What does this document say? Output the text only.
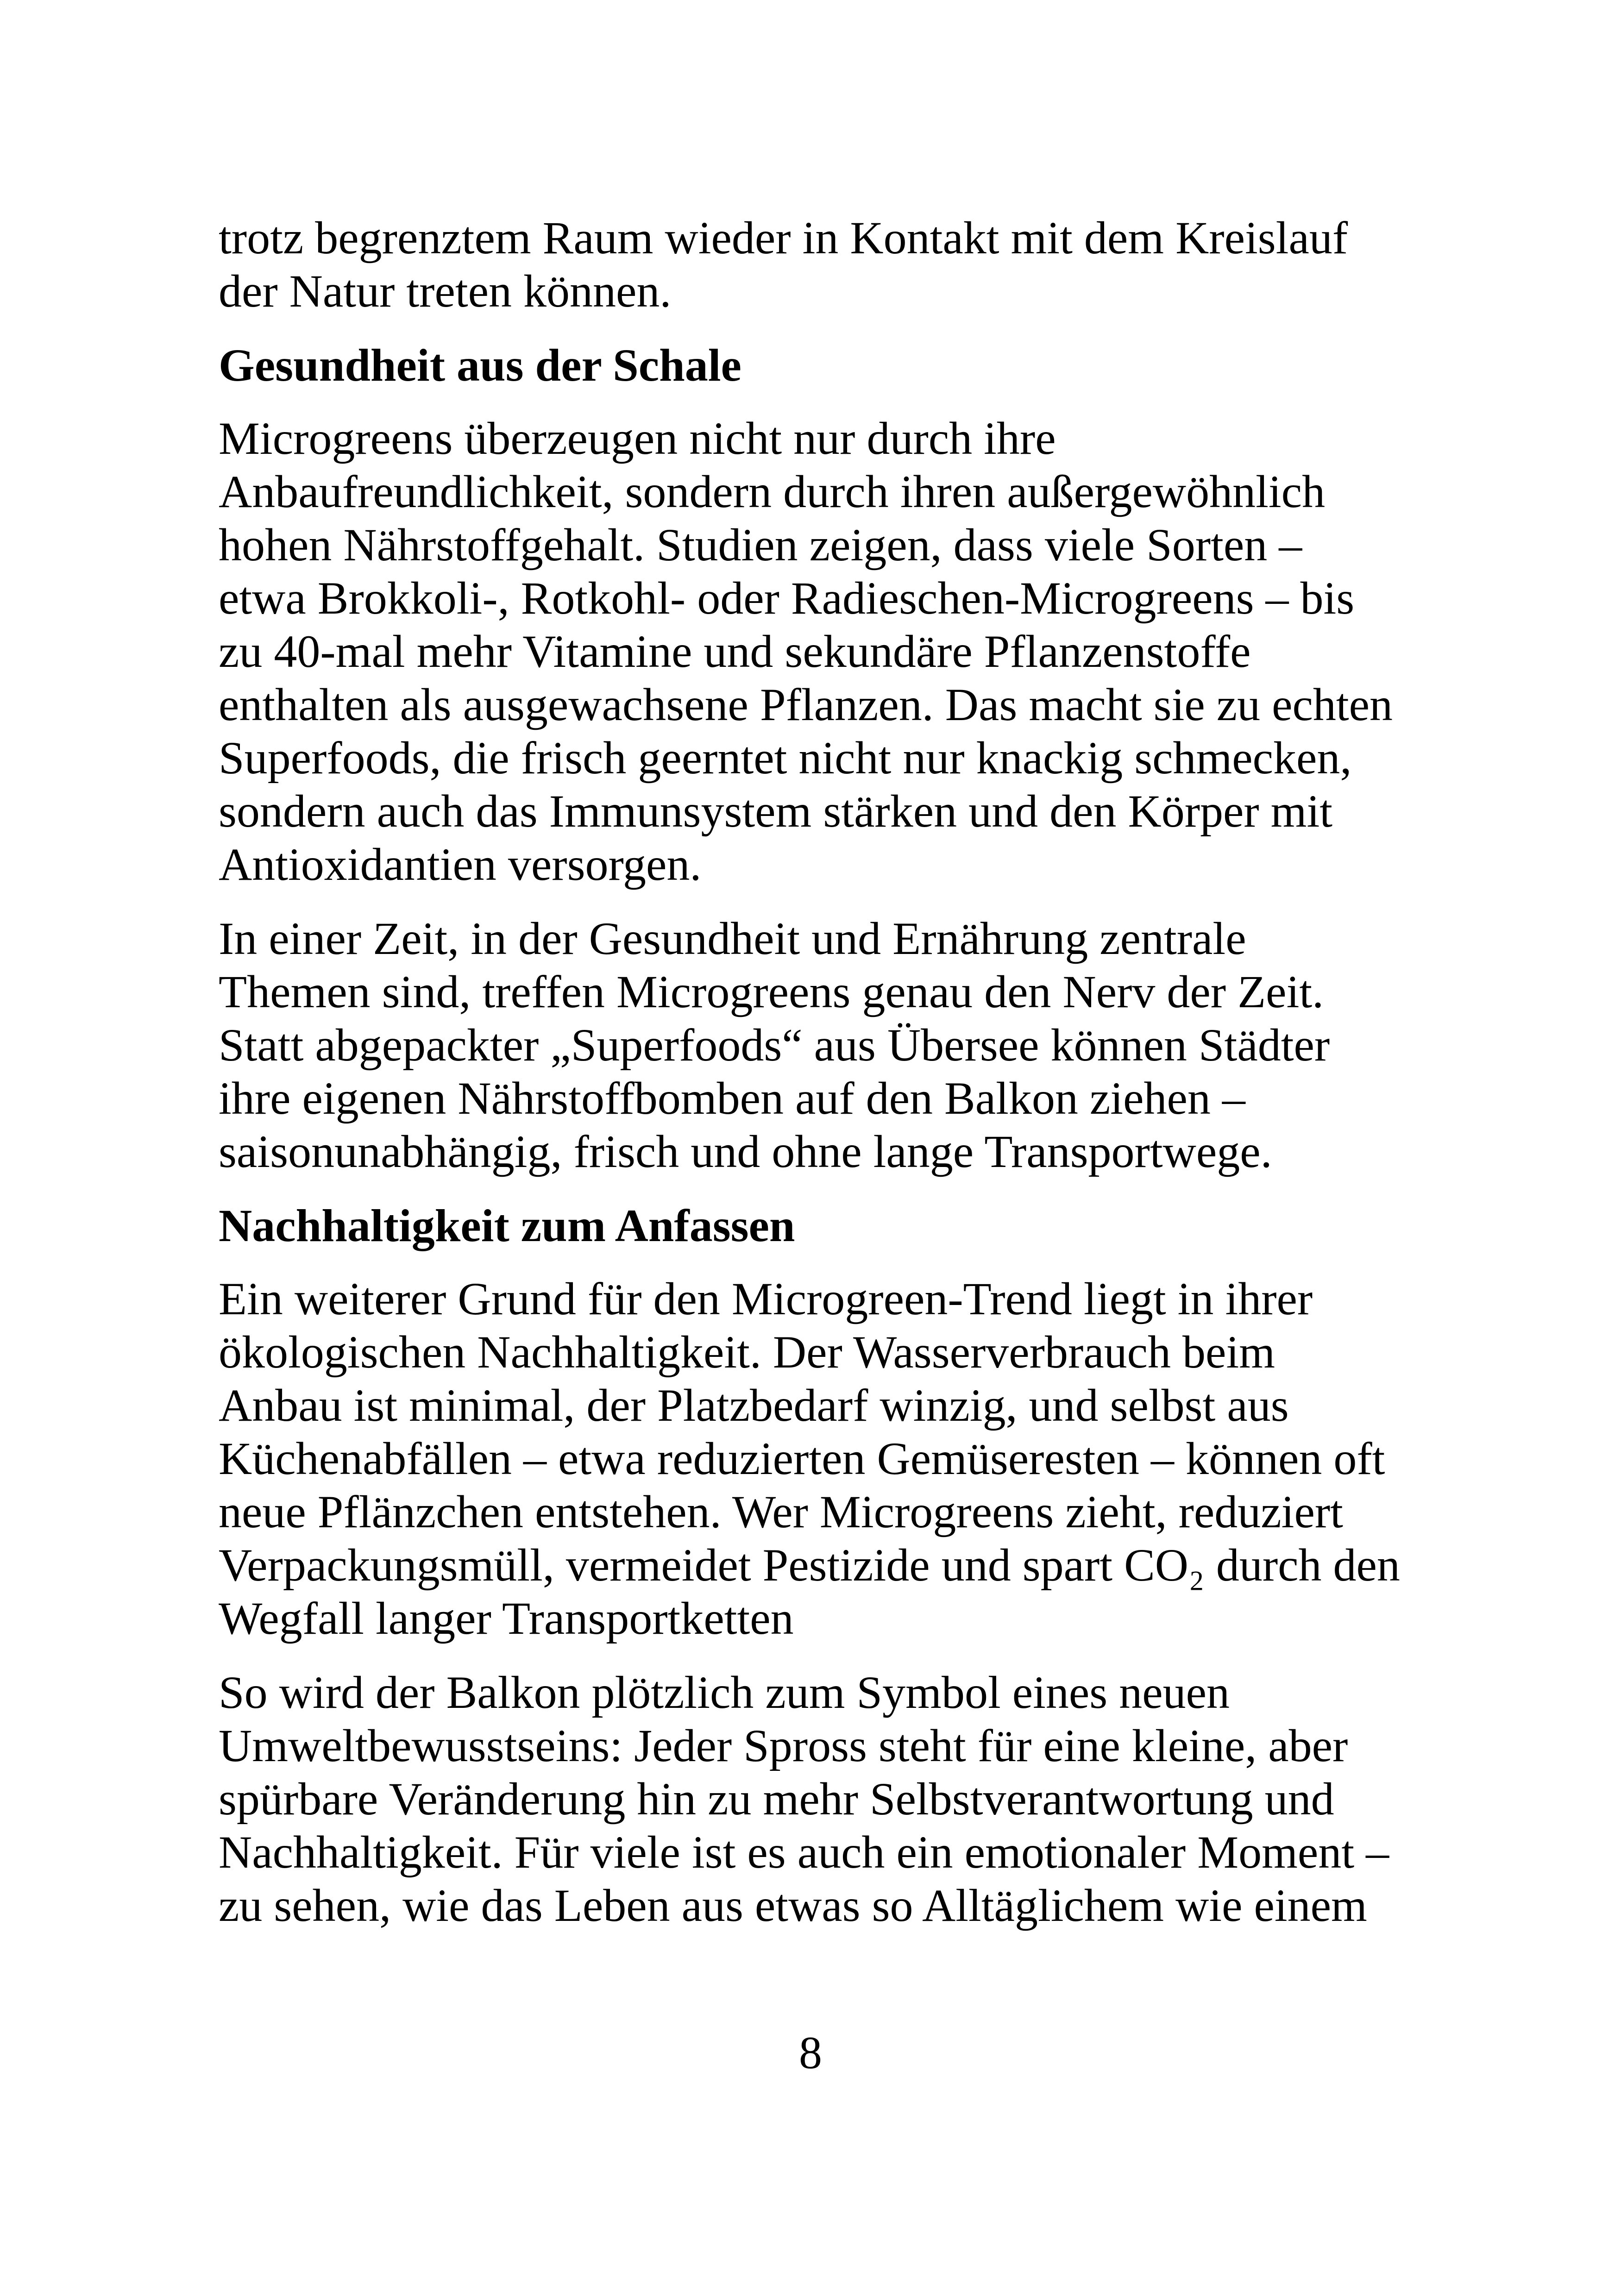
trotz begrenztem Raum wieder in Kontakt mit dem Kreislauf
der Natur treten können.

Gesundheit aus der Schale

Microgreens überzeugen nicht nur durch ihre
Anbaufreundlichkeit, sondern durch ihren außergewöhnlich
hohen Nährstoffgehalt. Studien zeigen, dass viele Sorten –
etwa Brokkoli-, Rotkohl- oder Radieschen-Microgreens – bis
zu 40-mal mehr Vitamine und sekundäre Pflanzenstoffe
enthalten als ausgewachsene Pflanzen. Das macht sie zu echten
Superfoods, die frisch geerntet nicht nur knackig schmecken,
sondern auch das Immunsystem stärken und den Körper mit
Antioxidantien versorgen.

In einer Zeit, in der Gesundheit und Ernährung zentrale
Themen sind, treffen Microgreens genau den Nerv der Zeit.
Statt abgepackter „Superfoods“ aus Übersee können Städter
ihre eigenen Nährstoffbomben auf den Balkon ziehen –
saisonunabhängig, frisch und ohne lange Transportwege.

Nachhaltigkeit zum Anfassen

Ein weiterer Grund für den Microgreen-Trend liegt in ihrer
ökologischen Nachhaltigkeit. Der Wasserverbrauch beim
Anbau ist minimal, der Platzbedarf winzig, und selbst aus
Küchenabfällen – etwa reduzierten Gemüseresten – können oft
neue Pflänzchen entstehen. Wer Microgreens zieht, reduziert
Verpackungsmüll, vermeidet Pestizide und spart CO₂ durch den
Wegfall langer Transportketten

So wird der Balkon plötzlich zum Symbol eines neuen
Umweltbewusstseins: Jeder Spross steht für eine kleine, aber
spürbare Veränderung hin zu mehr Selbstverantwortung und
Nachhaltigkeit. Für viele ist es auch ein emotionaler Moment –
zu sehen, wie das Leben aus etwas so Alltäglichem wie einem

8
